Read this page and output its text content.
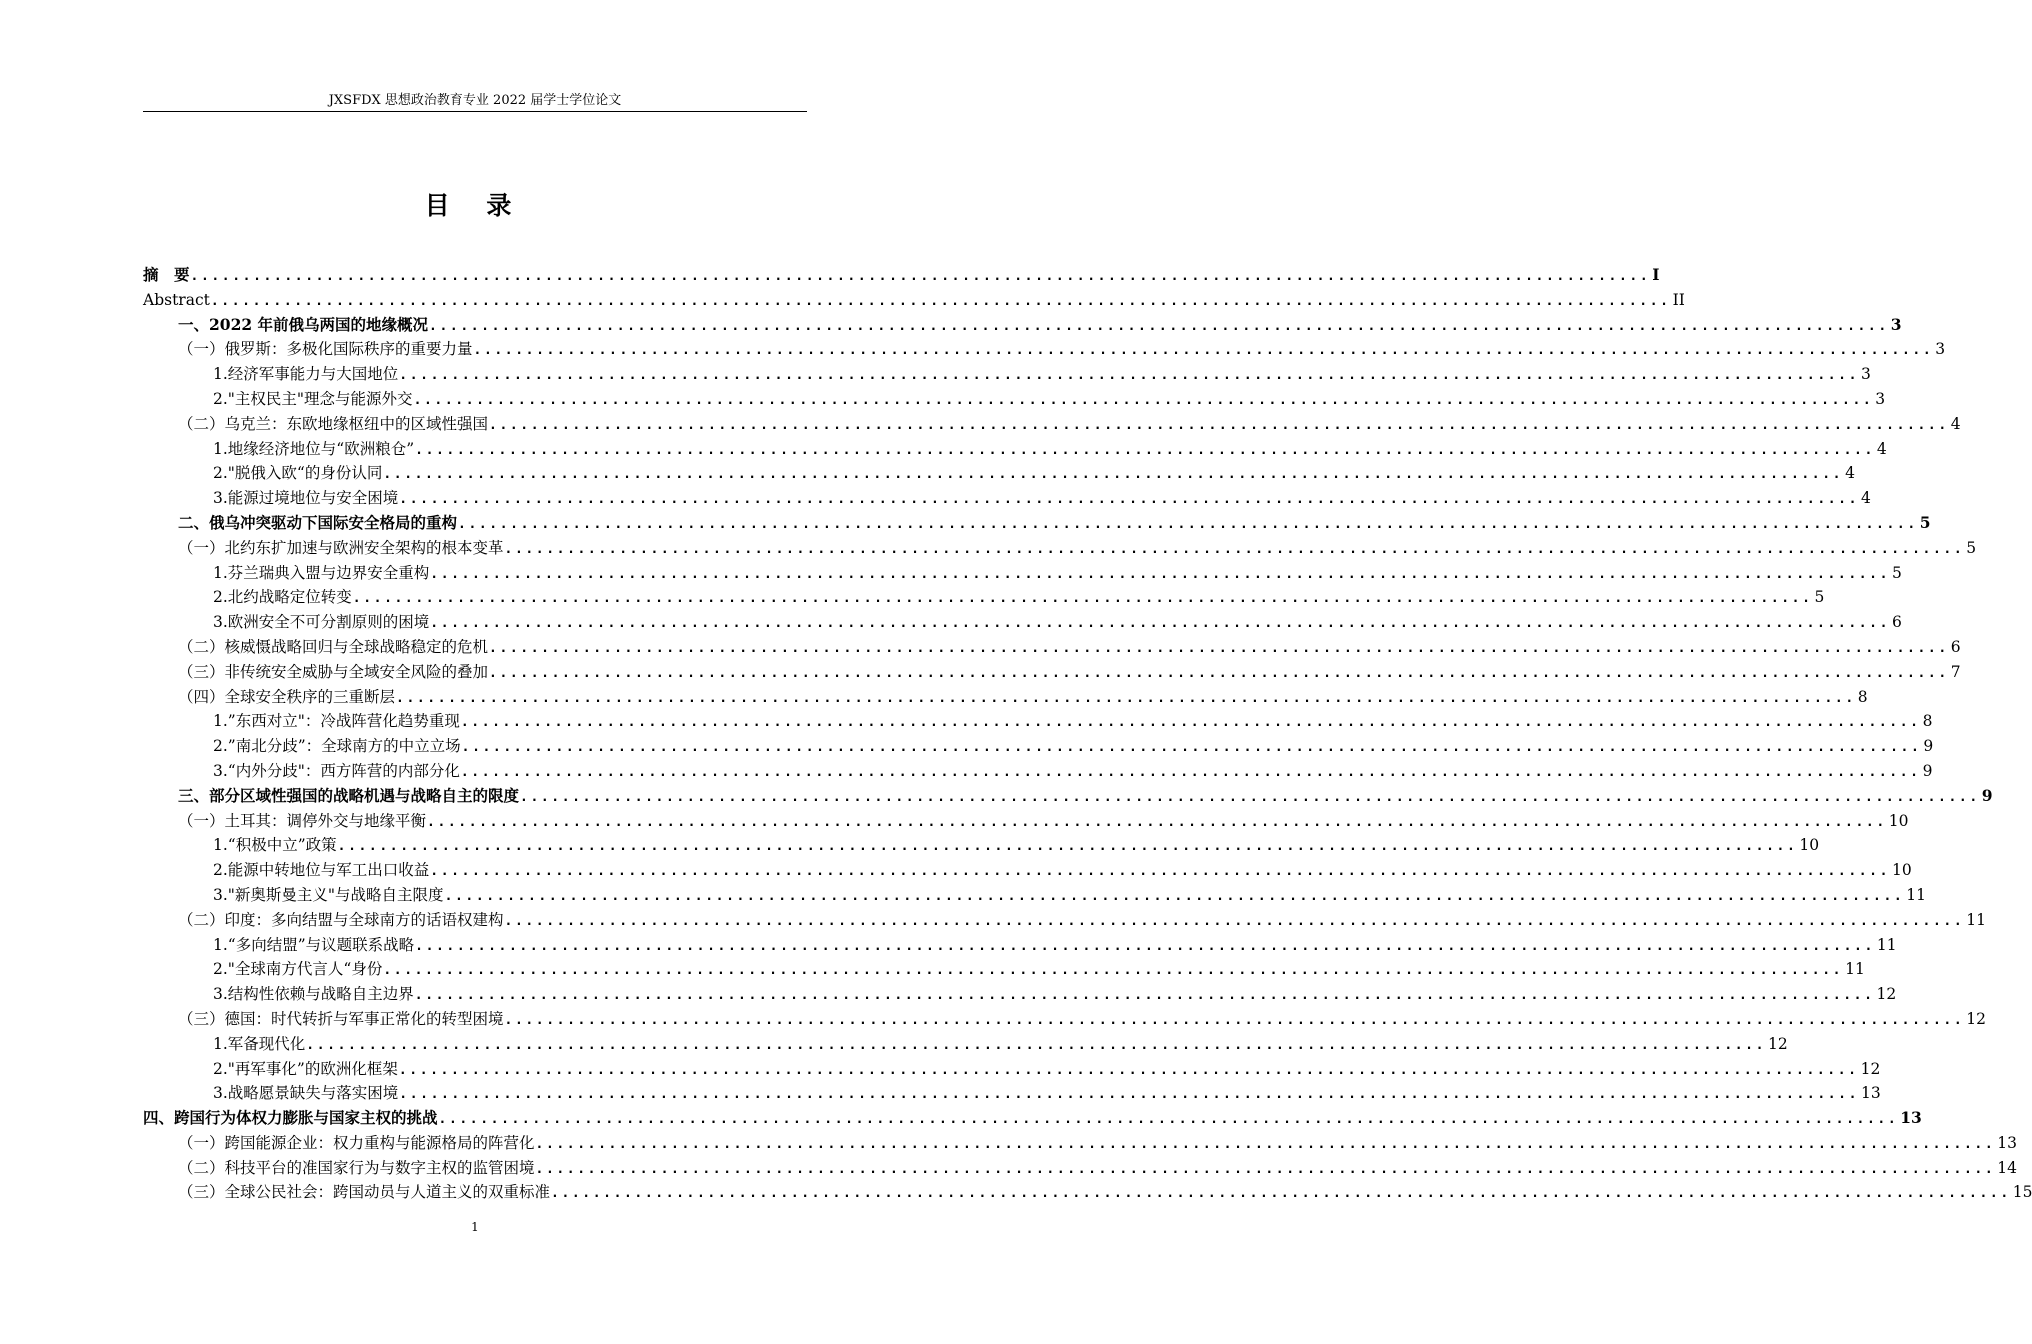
JXSFDX 思想政治教育专业 2022 届学士学位论文
目 录
摘　要 ............................................................................................................................................ I
Abstract ............................................................................................................................................ II
一、2022 年前俄乌两国的地缘概况 ............................................................................................................................................ 3
（一）俄罗斯：多极化国际秩序的重要力量 ............................................................................................................................................ 3
1.经济军事能力与大国地位 ............................................................................................................................................ 3
2."主权民主"理念与能源外交 ............................................................................................................................................ 3
（二）乌克兰：东欧地缘枢纽中的区域性强国 ............................................................................................................................................ 4
1.地缘经济地位与“欧洲粮仓” ............................................................................................................................................ 4
2."脱俄入欧“的身份认同 ............................................................................................................................................ 4
3.能源过境地位与安全困境 ............................................................................................................................................ 4
二、俄乌冲突驱动下国际安全格局的重构 ............................................................................................................................................ 5
（一）北约东扩加速与欧洲安全架构的根本变革 ............................................................................................................................................ 5
1.芬兰瑞典入盟与边界安全重构 ............................................................................................................................................ 5
2.北约战略定位转变 ............................................................................................................................................ 5
3.欧洲安全不可分割原则的困境 ............................................................................................................................................ 6
（二）核威慑战略回归与全球战略稳定的危机 ............................................................................................................................................ 6
（三）非传统安全威胁与全域安全风险的叠加 ............................................................................................................................................ 7
（四）全球安全秩序的三重断层 ............................................................................................................................................ 8
1.”东西对立"：冷战阵营化趋势重现 ............................................................................................................................................ 8
2.”南北分歧”：全球南方的中立立场 ............................................................................................................................................ 9
3.“内外分歧"：西方阵营的内部分化 ............................................................................................................................................ 9
三、部分区域性强国的战略机遇与战略自主的限度 ............................................................................................................................................ 9
（一）土耳其：调停外交与地缘平衡 ............................................................................................................................................ 10
1.“积极中立”政策 ............................................................................................................................................ 10
2.能源中转地位与军工出口收益 ............................................................................................................................................ 10
3."新奥斯曼主义"与战略自主限度 ............................................................................................................................................ 11
（二）印度：多向结盟与全球南方的话语权建构 ............................................................................................................................................ 11
1.“多向结盟”与议题联系战略 ............................................................................................................................................ 11
2."全球南方代言人“身份 ............................................................................................................................................ 11
3.结构性依赖与战略自主边界 ............................................................................................................................................ 12
（三）德国：时代转折与军事正常化的转型困境 ............................................................................................................................................ 12
1.军备现代化 ............................................................................................................................................ 12
2."再军事化”的欧洲化框架 ............................................................................................................................................ 12
3.战略愿景缺失与落实困境 ............................................................................................................................................ 13
四、跨国行为体权力膨胀与国家主权的挑战 ............................................................................................................................................ 13
（一）跨国能源企业：权力重构与能源格局的阵营化 ............................................................................................................................................ 13
（二）科技平台的准国家行为与数字主权的监管困境 ............................................................................................................................................ 14
（三）全球公民社会：跨国动员与人道主义的双重标准 ............................................................................................................................................ 15
1
